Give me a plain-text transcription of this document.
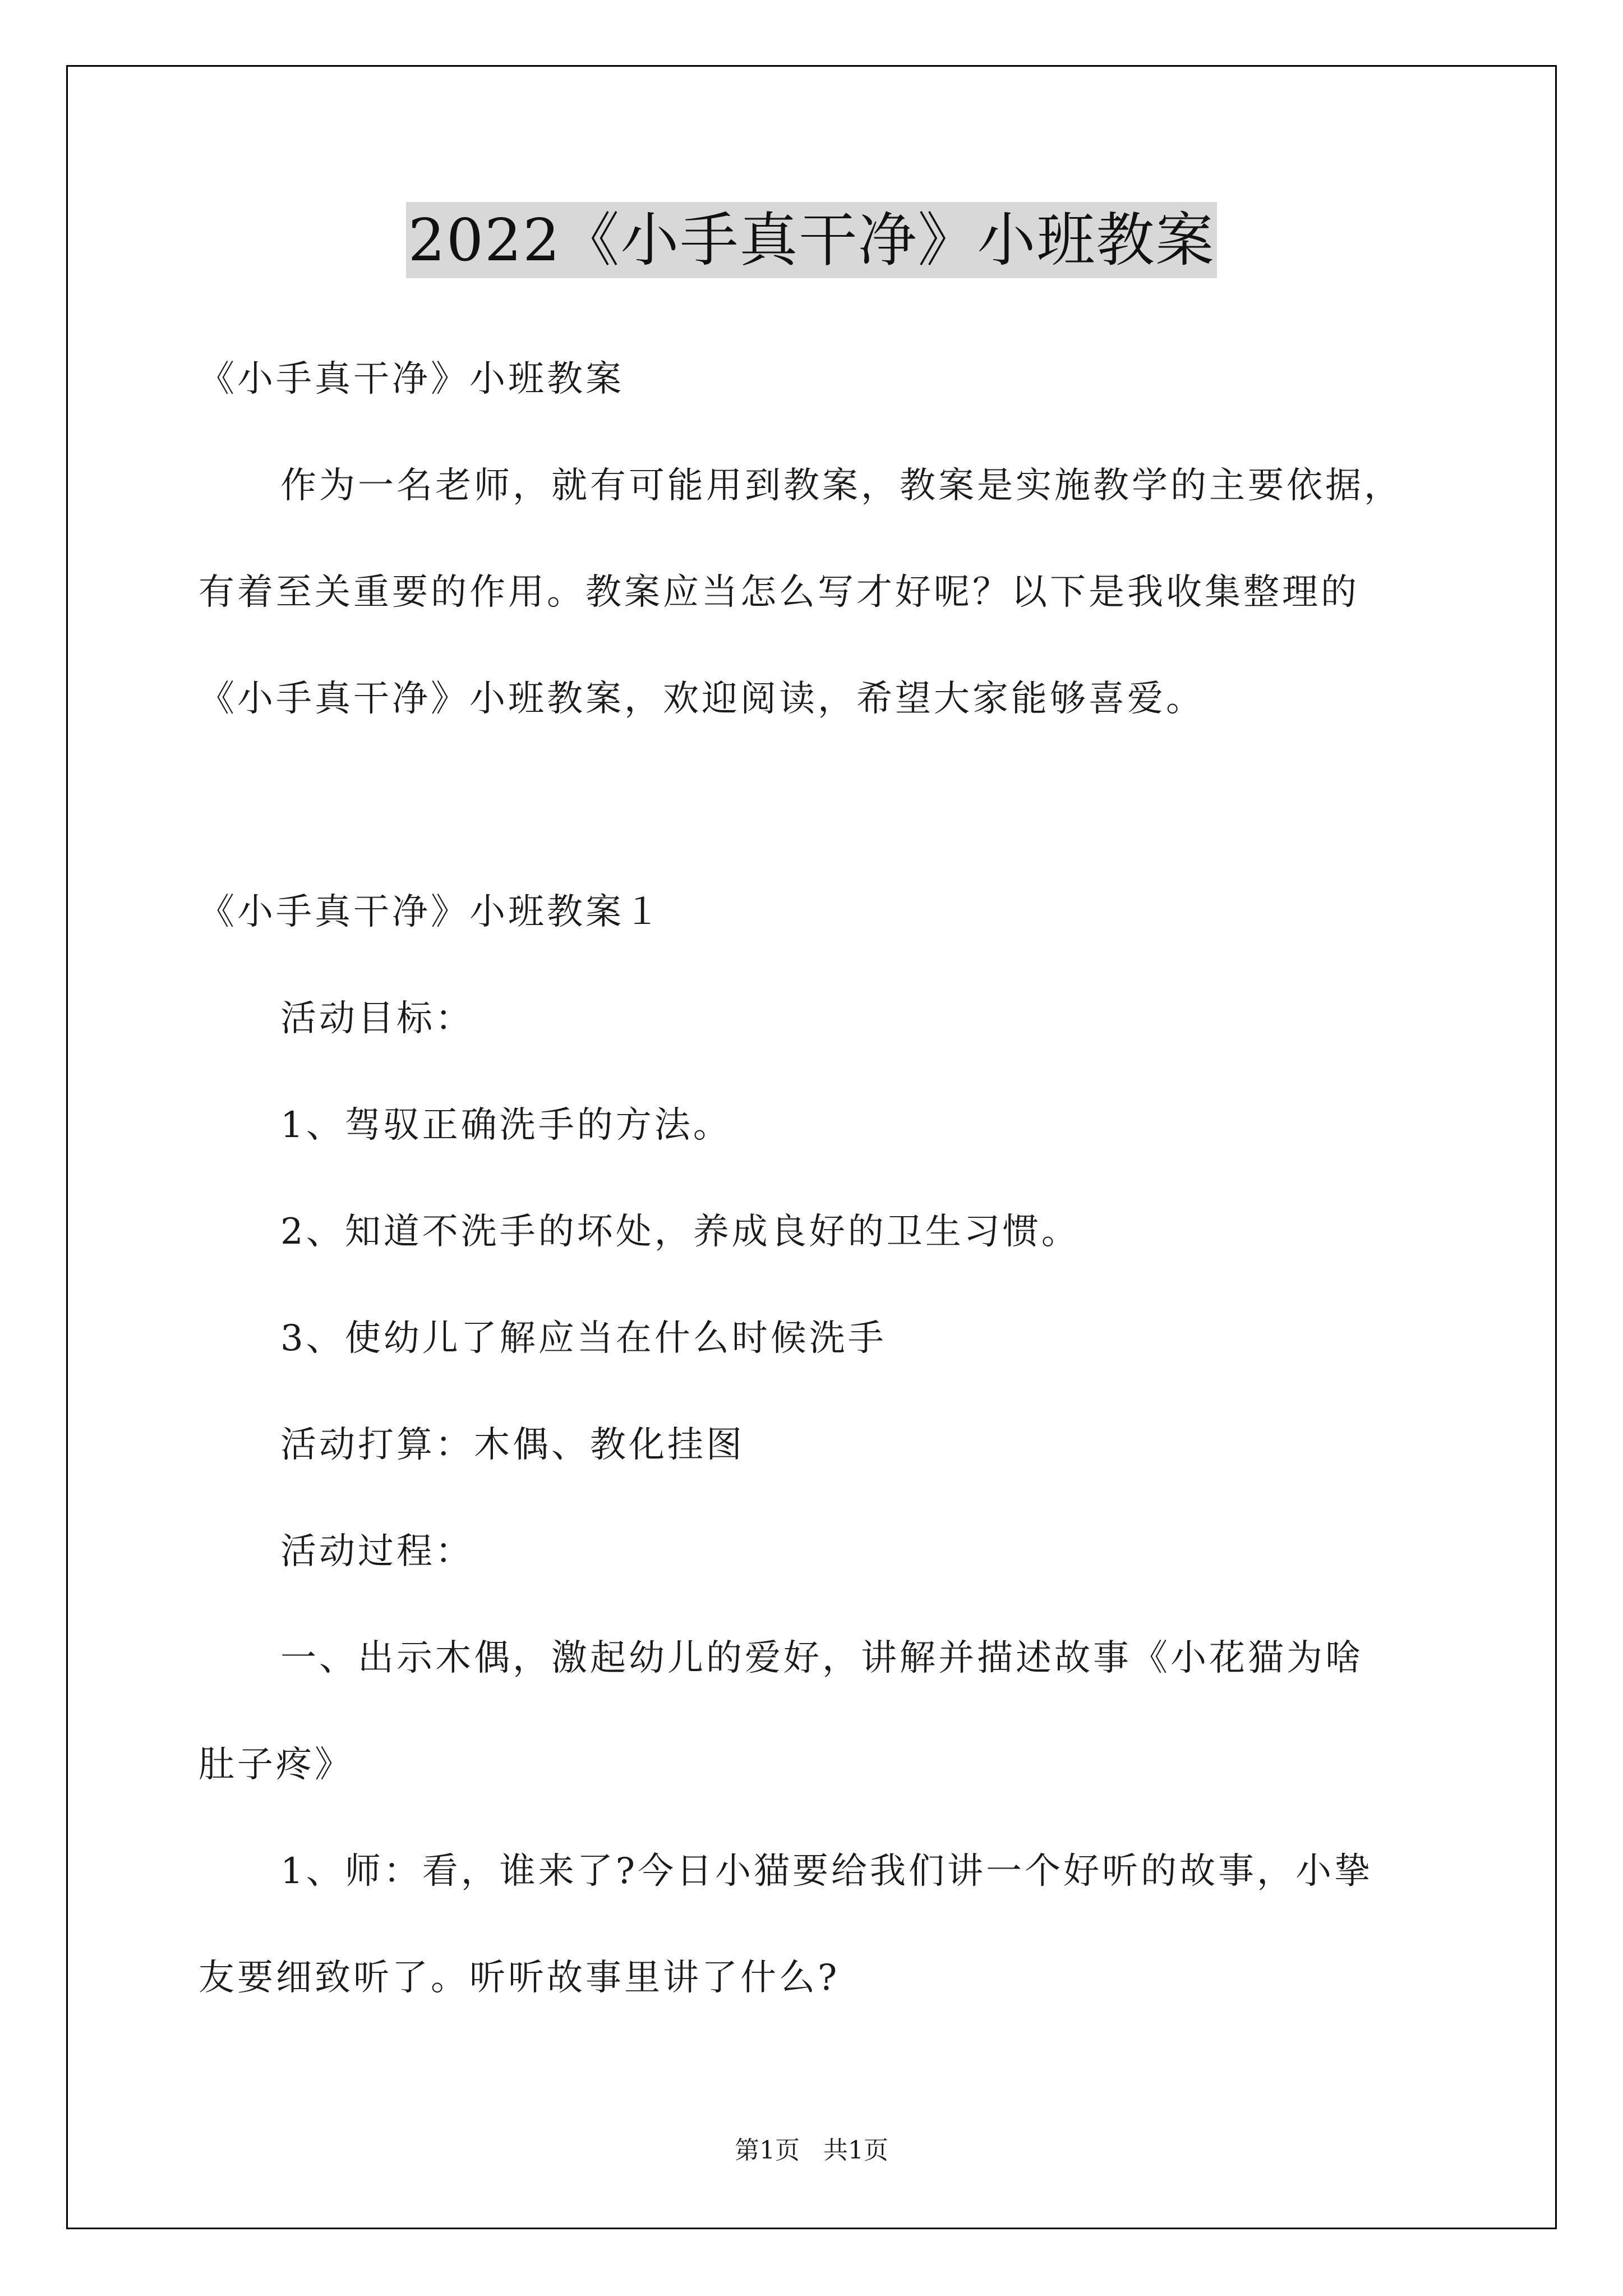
2022《小手真干净》小班教案
《小手真干净》小班教案
作为一名老师，就有可能用到教案，教案是实施教学的主要依据，
有着至关重要的作用。教案应当怎么写才好呢？以下是我收集整理的
《小手真干净》小班教案，欢迎阅读，希望大家能够喜爱。
《小手真干净》小班教案１
活动目标：
1、驾驭正确洗手的方法。
2、知道不洗手的坏处，养成良好的卫生习惯。
3、使幼儿了解应当在什么时候洗手
活动打算：木偶、教化挂图
活动过程：
一、出示木偶，激起幼儿的爱好，讲解并描述故事《小花猫为啥
肚子疼》
1、师：看，谁来了?今日小猫要给我们讲一个好听的故事，小挚
友要细致听了。听听故事里讲了什么?
第1页 共1页
